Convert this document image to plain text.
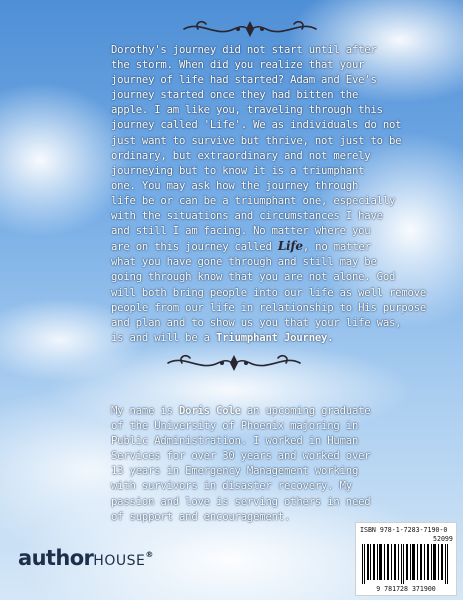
Dorothy's journey did not start until after
the storm. When did you realize that your
journey of life had started? Adam and Eve's
journey started once they had bitten the
apple. I am like you, traveling through this
journey called 'Life'. We as individuals do not
just want to survive but thrive, not just to be
ordinary, but extraordinary and not merely
journeying but to know it is a triumphant
one. You may ask how the journey through
life be or can be a triumphant one, especially
with the situations and circumstances I have
and still I am facing. No matter where you
are on this journey called Life, no matter
what you have gone through and still may be
going through know that you are not alone. God
will both bring people into our life as well remove
people from our life in relationship to His purpose
and plan and to show us you that your life was,
is and will be a Triumphant Journey.
My name is Doris Cole an upcoming graduate
of the University of Phoenix majoring in
Public Administration. I worked in Human
Services for over 30 years and worked over
13 years in Emergency Management working
with survivors in disaster recovery. My
passion and love is serving others in need
of support and encouragement.
authorHOUSE®
ISBN 978-1-7283-7190-0
52099
9 781728 371900
